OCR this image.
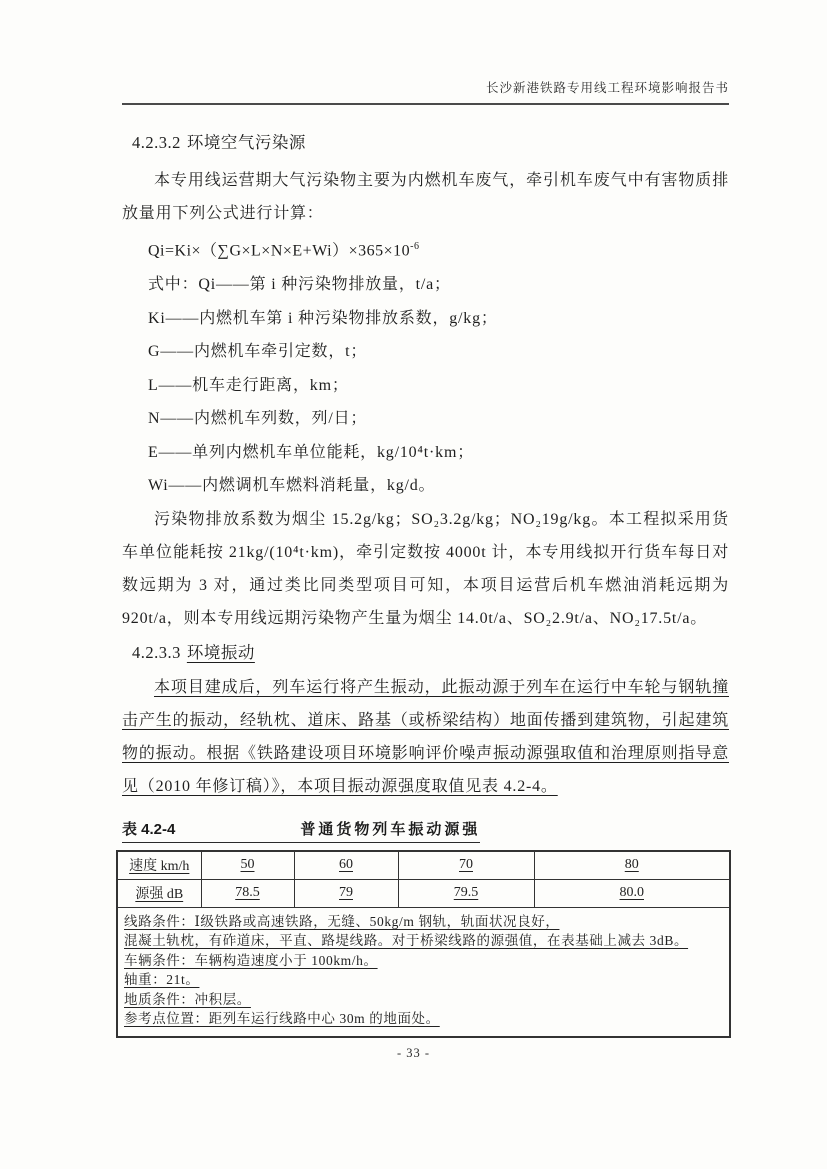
长沙新港铁路专用线工程环境影响报告书
4.2.3.2 环境空气污染源

本专用线运营期大气污染物主要为内燃机车废气，牵引机车废气中有害物质排放量用下列公式进行计算：

$Qi=Ki\times(\sum G\times L\times N\times E+Wi)\times 365\times 10^{-6}$
式中：Qi——第 i 种污染物排放量，t/a；
Ki——内燃机车第 i 种污染物排放系数，g/kg；
G——内燃机车牵引定数，t；
L——机车走行距离，km；
N——内燃机车列数，列/日；
E——单列内燃机车单位能耗，kg/10⁴t·km；
Wi——内燃调机车燃料消耗量，kg/d。

污染物排放系数为烟尘 15.2g/kg；SO₂3.2g/kg；NO₂19g/kg。本工程拟采用货车单位能耗按 21kg/(10⁴t·km)，牵引定数按 4000t 计，本专用线拟开行货车每日对数远期为 3 对，通过类比同类型项目可知，本项目运营后机车燃油消耗远期为 920t/a，则本专用线远期污染物产生量为烟尘 14.0t/a、SO₂2.9t/a、NO₂17.5t/a。

4.2.3.3 环境振动

本项目建成后，列车运行将产生振动，此振动源于列车在运行中车轮与钢轨撞击产生的振动，经轨枕、道床、路基（或桥梁结构）地面传播到建筑物，引起建筑物的振动。根据《铁路建设项目环境影响评价噪声振动源强取值和治理原则指导意见（2010 年修订稿）》，本项目振动源强度取值见表 4.2-4。

表 4.2-4	普通货物列车振动源强
速度 km/h	50	60	70	80
源强 dB	78.5	79	79.5	80.0

线路条件：Ⅰ级铁路或高速铁路，无缝、50kg/m 钢轨，轨面状况良好，
混凝土轨枕，有砟道床，平直、路堤线路。对于桥梁线路的源强值，在表基础上减去 3dB。
车辆条件：车辆构造速度小于 100km/h。
轴重：21t。
地质条件：冲积层。
参考点位置：距列车运行线路中心 30m 的地面处。
- 33 -
